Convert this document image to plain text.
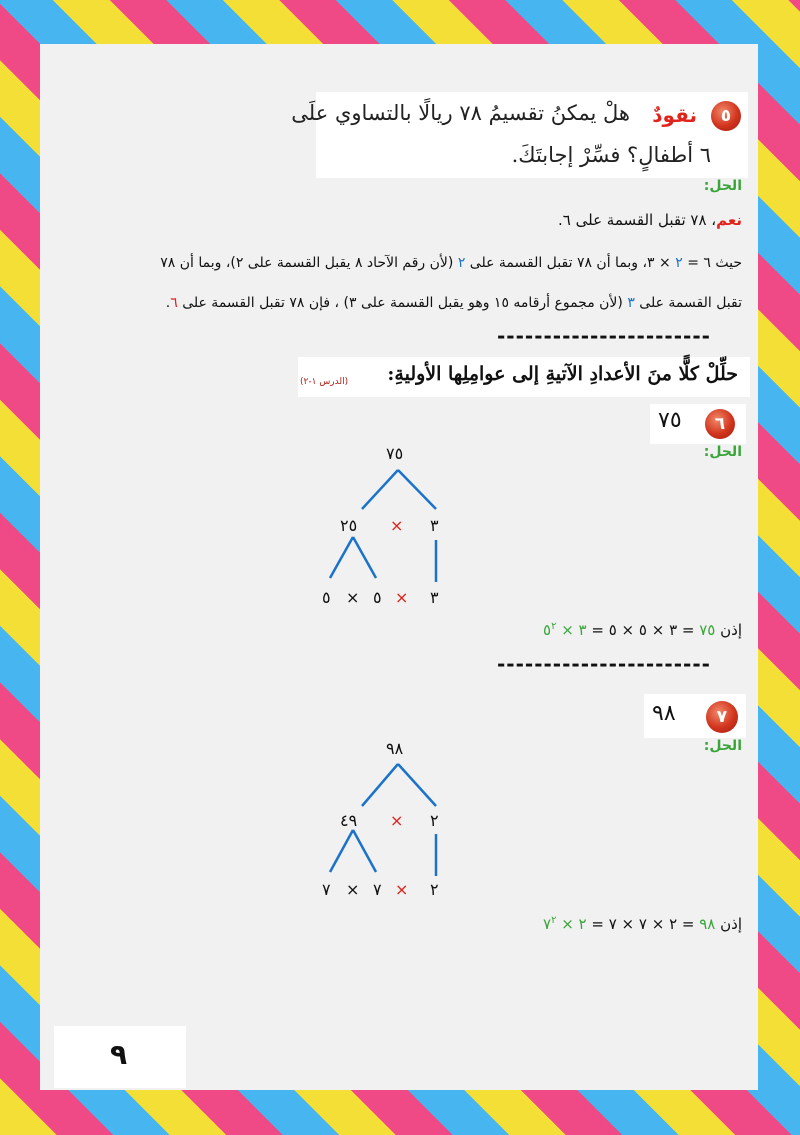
٥
نقودٌ
هلْ يمكنُ تقسيمُ ٧٨ ريالًا بالتساوي علَى
٦ أطفالٍ؟ فسِّرْ إجابتَكَ.
الحل:
نعم، ٧٨ تقبل القسمة على ٦.
حيث ٦ = ٢ × ٣، وبما أن ٧٨ تقبل القسمة على ٢ (لأن رقم الآحاد ٨ يقبل القسمة على ٢)، وبما أن ٧٨
تقبل القسمة على ٣ (لأن مجموع أرقامه ١٥ وهو يقبل القسمة على ٣) ، فإن ٧٨ تقبل القسمة على ٦.
-----------------------
حلِّلْ كلًّا منَ الأعدادِ الآتيةِ إلى عوامِلِها الأوليةِ:
(الدرس ١-٢)
٦
٧٥
الحل:
٧٥
٢٥ × ٣
٥ × ٥ × ٣
إذن ٧٥ = ٣ × ٥ × ٥ = ٣ × $٥^٢$
-----------------------
٧
٩٨
الحل:
٩٨
٤٩ × ٢
٧ × ٧ × ٢
إذن ٩٨ = ٢ × ٧ × ٧ = ٢ × $٧^٢$
٩
